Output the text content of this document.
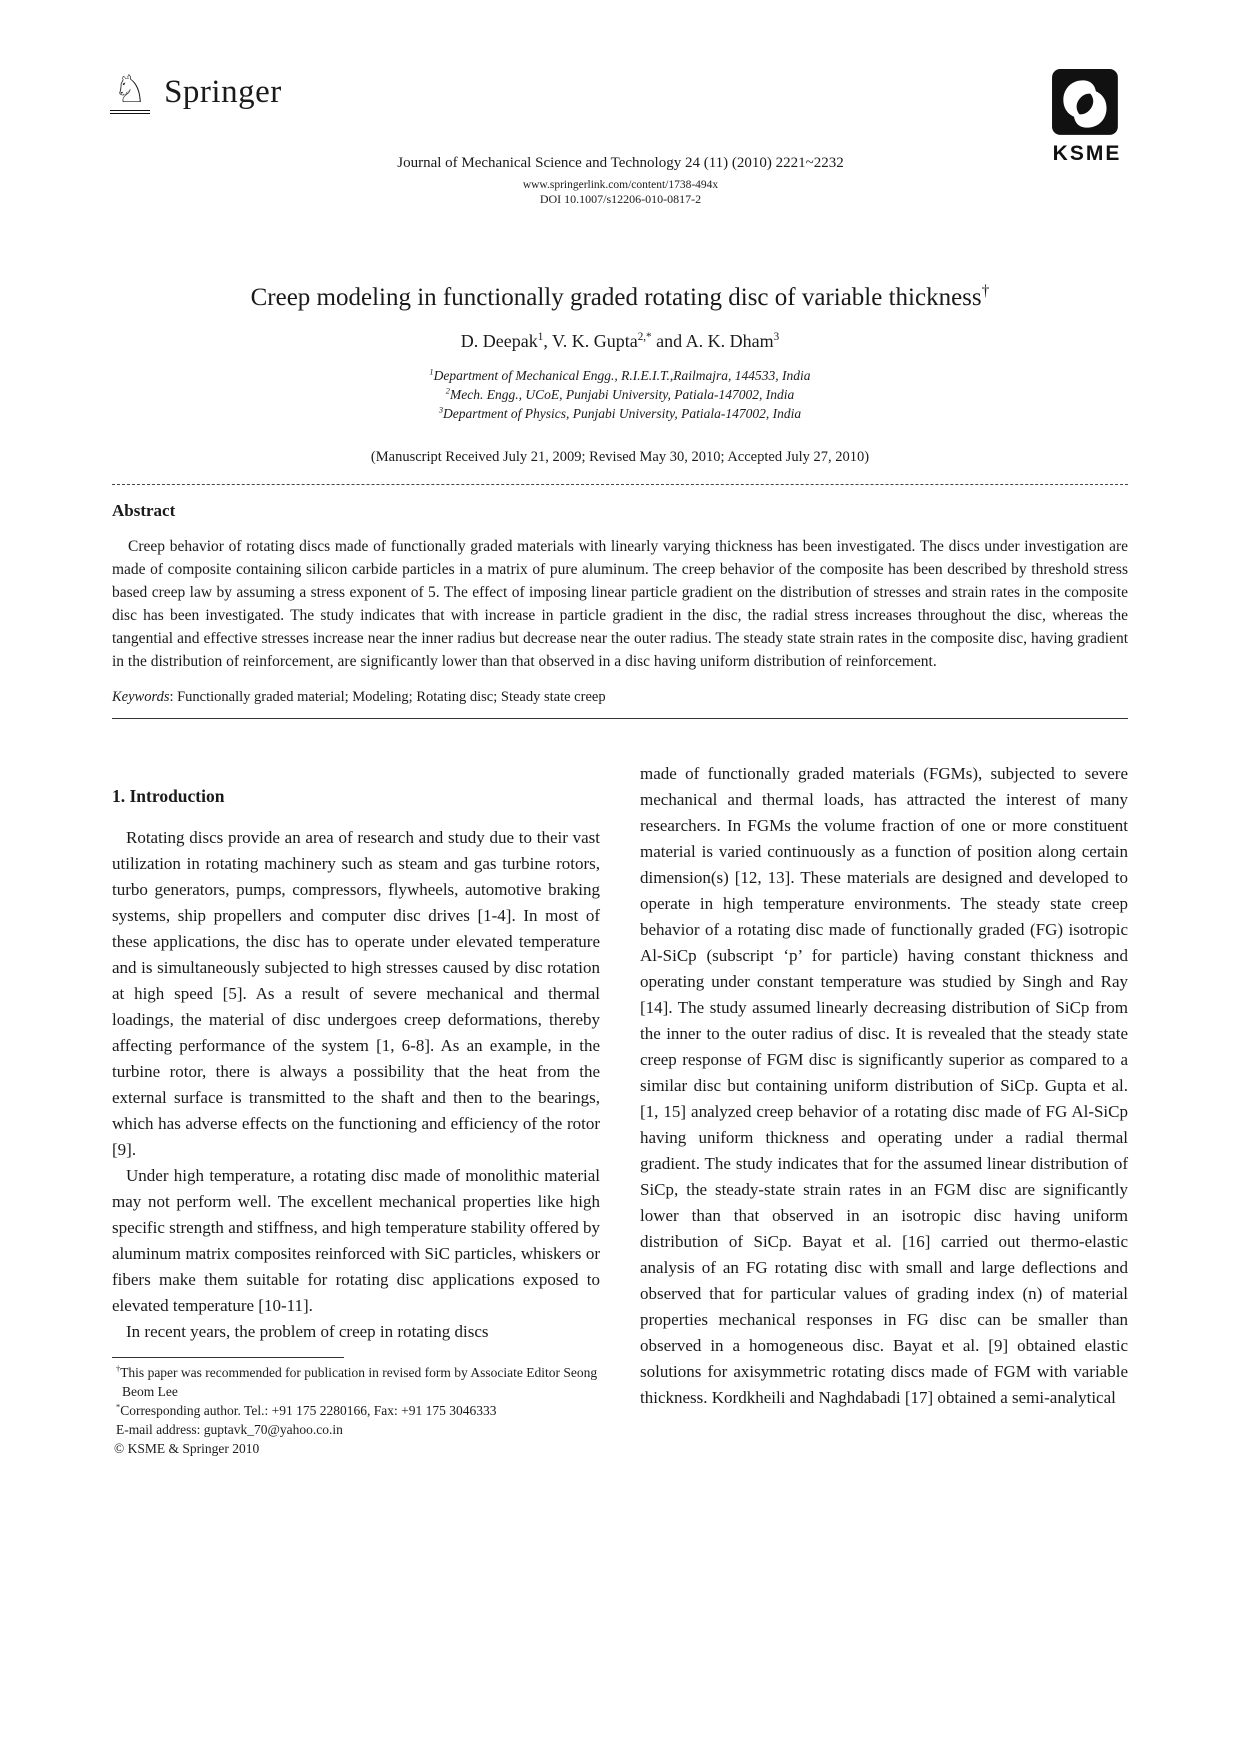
♘ Springer
KSME
Journal of Mechanical Science and Technology 24 (11) (2010) 2221~2232
www.springerlink.com/content/1738-494x
DOI 10.1007/s12206-010-0817-2
Creep modeling in functionally graded rotating disc of variable thickness†
D. Deepak$^1$, V. K. Gupta$^{2,*}$ and A. K. Dham$^3$
$^1$Department of Mechanical Engg., R.I.E.I.T.,Railmajra, 144533, India
$^2$Mech. Engg., UCoE, Punjabi University, Patiala-147002, India
$^3$Department of Physics, Punjabi University, Patiala-147002, India
(Manuscript Received July 21, 2009; Revised May 30, 2010; Accepted July 27, 2010)
Abstract

Creep behavior of rotating discs made of functionally graded materials with linearly varying thickness has been investigated. The discs under investigation are made of composite containing silicon carbide particles in a matrix of pure aluminum. The creep behavior of the composite has been described by threshold stress based creep law by assuming a stress exponent of 5. The effect of imposing linear particle gradient on the distribution of stresses and strain rates in the composite disc has been investigated. The study indicates that with increase in particle gradient in the disc, the radial stress increases throughout the disc, whereas the tangential and effective stresses increase near the inner radius but decrease near the outer radius. The steady state strain rates in the composite disc, having gradient in the distribution of reinforcement, are significantly lower than that observed in a disc having uniform distribution of reinforcement.

Keywords: Functionally graded material; Modeling; Rotating disc; Steady state creep
1. Introduction

Rotating discs provide an area of research and study due to their vast utilization in rotating machinery such as steam and gas turbine rotors, turbo generators, pumps, compressors, flywheels, automotive braking systems, ship propellers and computer disc drives [1-4]. In most of these applications, the disc has to operate under elevated temperature and is simultaneously subjected to high stresses caused by disc rotation at high speed [5]. As a result of severe mechanical and thermal loadings, the material of disc undergoes creep deformations, thereby affecting performance of the system [1, 6-8]. As an example, in the turbine rotor, there is always a possibility that the heat from the external surface is transmitted to the shaft and then to the bearings, which has adverse effects on the functioning and efficiency of the rotor [9].

Under high temperature, a rotating disc made of monolithic material may not perform well. The excellent mechanical properties like high specific strength and stiffness, and high temperature stability offered by aluminum matrix composites reinforced with SiC particles, whiskers or fibers make them suitable for rotating disc applications exposed to elevated temperature [10-11].

In recent years, the problem of creep in rotating discs

†This paper was recommended for publication in revised form by Associate Editor Seong Beom Lee
*Corresponding author. Tel.: +91 175 2280166, Fax: +91 175 3046333
E-mail address: guptavk_70@yahoo.co.in
© KSME & Springer 2010

made of functionally graded materials (FGMs), subjected to severe mechanical and thermal loads, has attracted the interest of many researchers. In FGMs the volume fraction of one or more constituent material is varied continuously as a function of position along certain dimension(s) [12, 13]. These materials are designed and developed to operate in high temperature environments. The steady state creep behavior of a rotating disc made of functionally graded (FG) isotropic Al-SiCp (subscript ‘p’ for particle) having constant thickness and operating under constant temperature was studied by Singh and Ray [14]. The study assumed linearly decreasing distribution of SiCp from the inner to the outer radius of disc. It is revealed that the steady state creep response of FGM disc is significantly superior as compared to a similar disc but containing uniform distribution of SiCp. Gupta et al. [1, 15] analyzed creep behavior of a rotating disc made of FG Al-SiCp having uniform thickness and operating under a radial thermal gradient. The study indicates that for the assumed linear distribution of SiCp, the steady-state strain rates in an FGM disc are significantly lower than that observed in an isotropic disc having uniform distribution of SiCp. Bayat et al. [16] carried out thermo-elastic analysis of an FG rotating disc with small and large deflections and observed that for particular values of grading index (n) of material properties mechanical responses in FG disc can be smaller than observed in a homogeneous disc. Bayat et al. [9] obtained elastic solutions for axisymmetric rotating discs made of FGM with variable thickness. Kordkheili and Naghdabadi [17] obtained a semi-analytical
